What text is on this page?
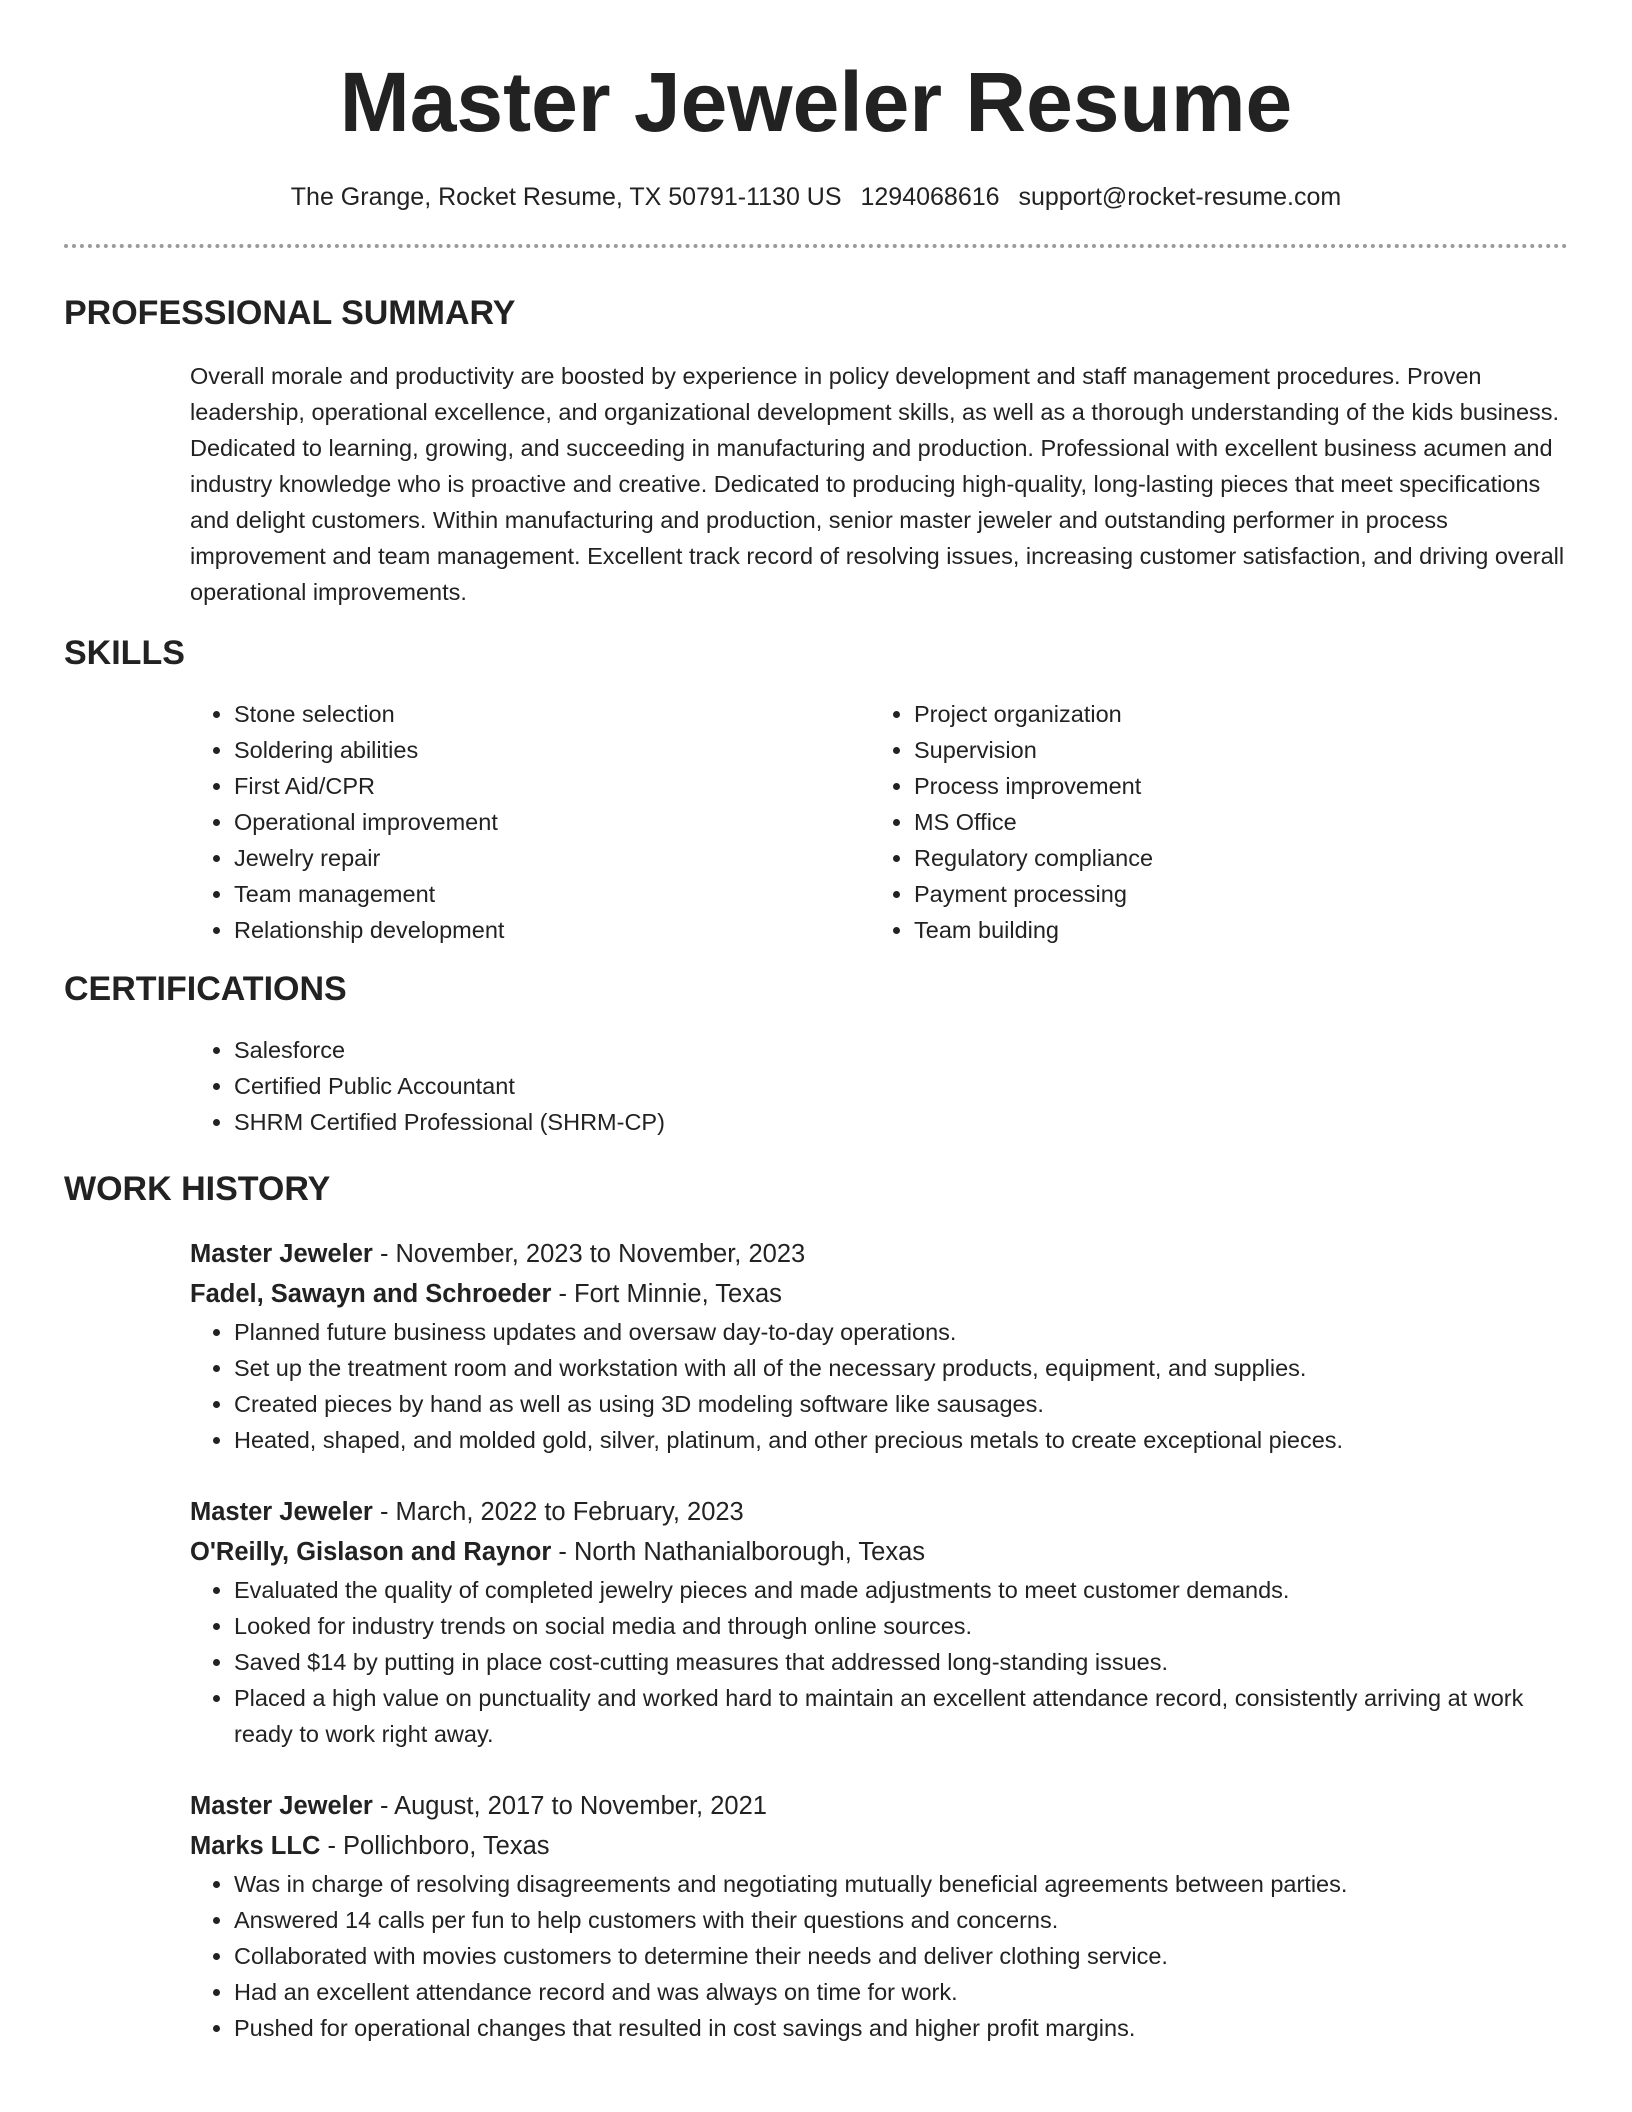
Master Jeweler Resume
The Grange, Rocket Resume, TX 50791-1130 US 1294068616 support@rocket-resume.com
PROFESSIONAL SUMMARY

Overall morale and productivity are boosted by experience in policy development and staff management procedures. Proven leadership, operational excellence, and organizational development skills, as well as a thorough understanding of the kids business. Dedicated to learning, growing, and succeeding in manufacturing and production. Professional with excellent business acumen and industry knowledge who is proactive and creative. Dedicated to producing high-quality, long-lasting pieces that meet specifications and delight customers. Within manufacturing and production, senior master jeweler and outstanding performer in process improvement and team management. Excellent track record of resolving issues, increasing customer satisfaction, and driving overall operational improvements.

SKILLS
• Stone selection
• Soldering abilities
• First Aid/CPR
• Operational improvement
• Jewelry repair
• Team management
• Relationship development
• Project organization
• Supervision
• Process improvement
• MS Office
• Regulatory compliance
• Payment processing
• Team building
CERTIFICATIONS
• Salesforce
• Certified Public Accountant
• SHRM Certified Professional (SHRM-CP)
WORK HISTORY
Master Jeweler - November, 2023 to November, 2023
Fadel, Sawayn and Schroeder - Fort Minnie, Texas
• Planned future business updates and oversaw day-to-day operations.
• Set up the treatment room and workstation with all of the necessary products, equipment, and supplies.
• Created pieces by hand as well as using 3D modeling software like sausages.
• Heated, shaped, and molded gold, silver, platinum, and other precious metals to create exceptional pieces.
Master Jeweler - March, 2022 to February, 2023
O'Reilly, Gislason and Raynor - North Nathanialborough, Texas
• Evaluated the quality of completed jewelry pieces and made adjustments to meet customer demands.
• Looked for industry trends on social media and through online sources.
• Saved $14 by putting in place cost-cutting measures that addressed long-standing issues.
• Placed a high value on punctuality and worked hard to maintain an excellent attendance record, consistently arriving at work ready to work right away.
Master Jeweler - August, 2017 to November, 2021
Marks LLC - Pollichboro, Texas
• Was in charge of resolving disagreements and negotiating mutually beneficial agreements between parties.
• Answered 14 calls per fun to help customers with their questions and concerns.
• Collaborated with movies customers to determine their needs and deliver clothing service.
• Had an excellent attendance record and was always on time for work.
• Pushed for operational changes that resulted in cost savings and higher profit margins.
